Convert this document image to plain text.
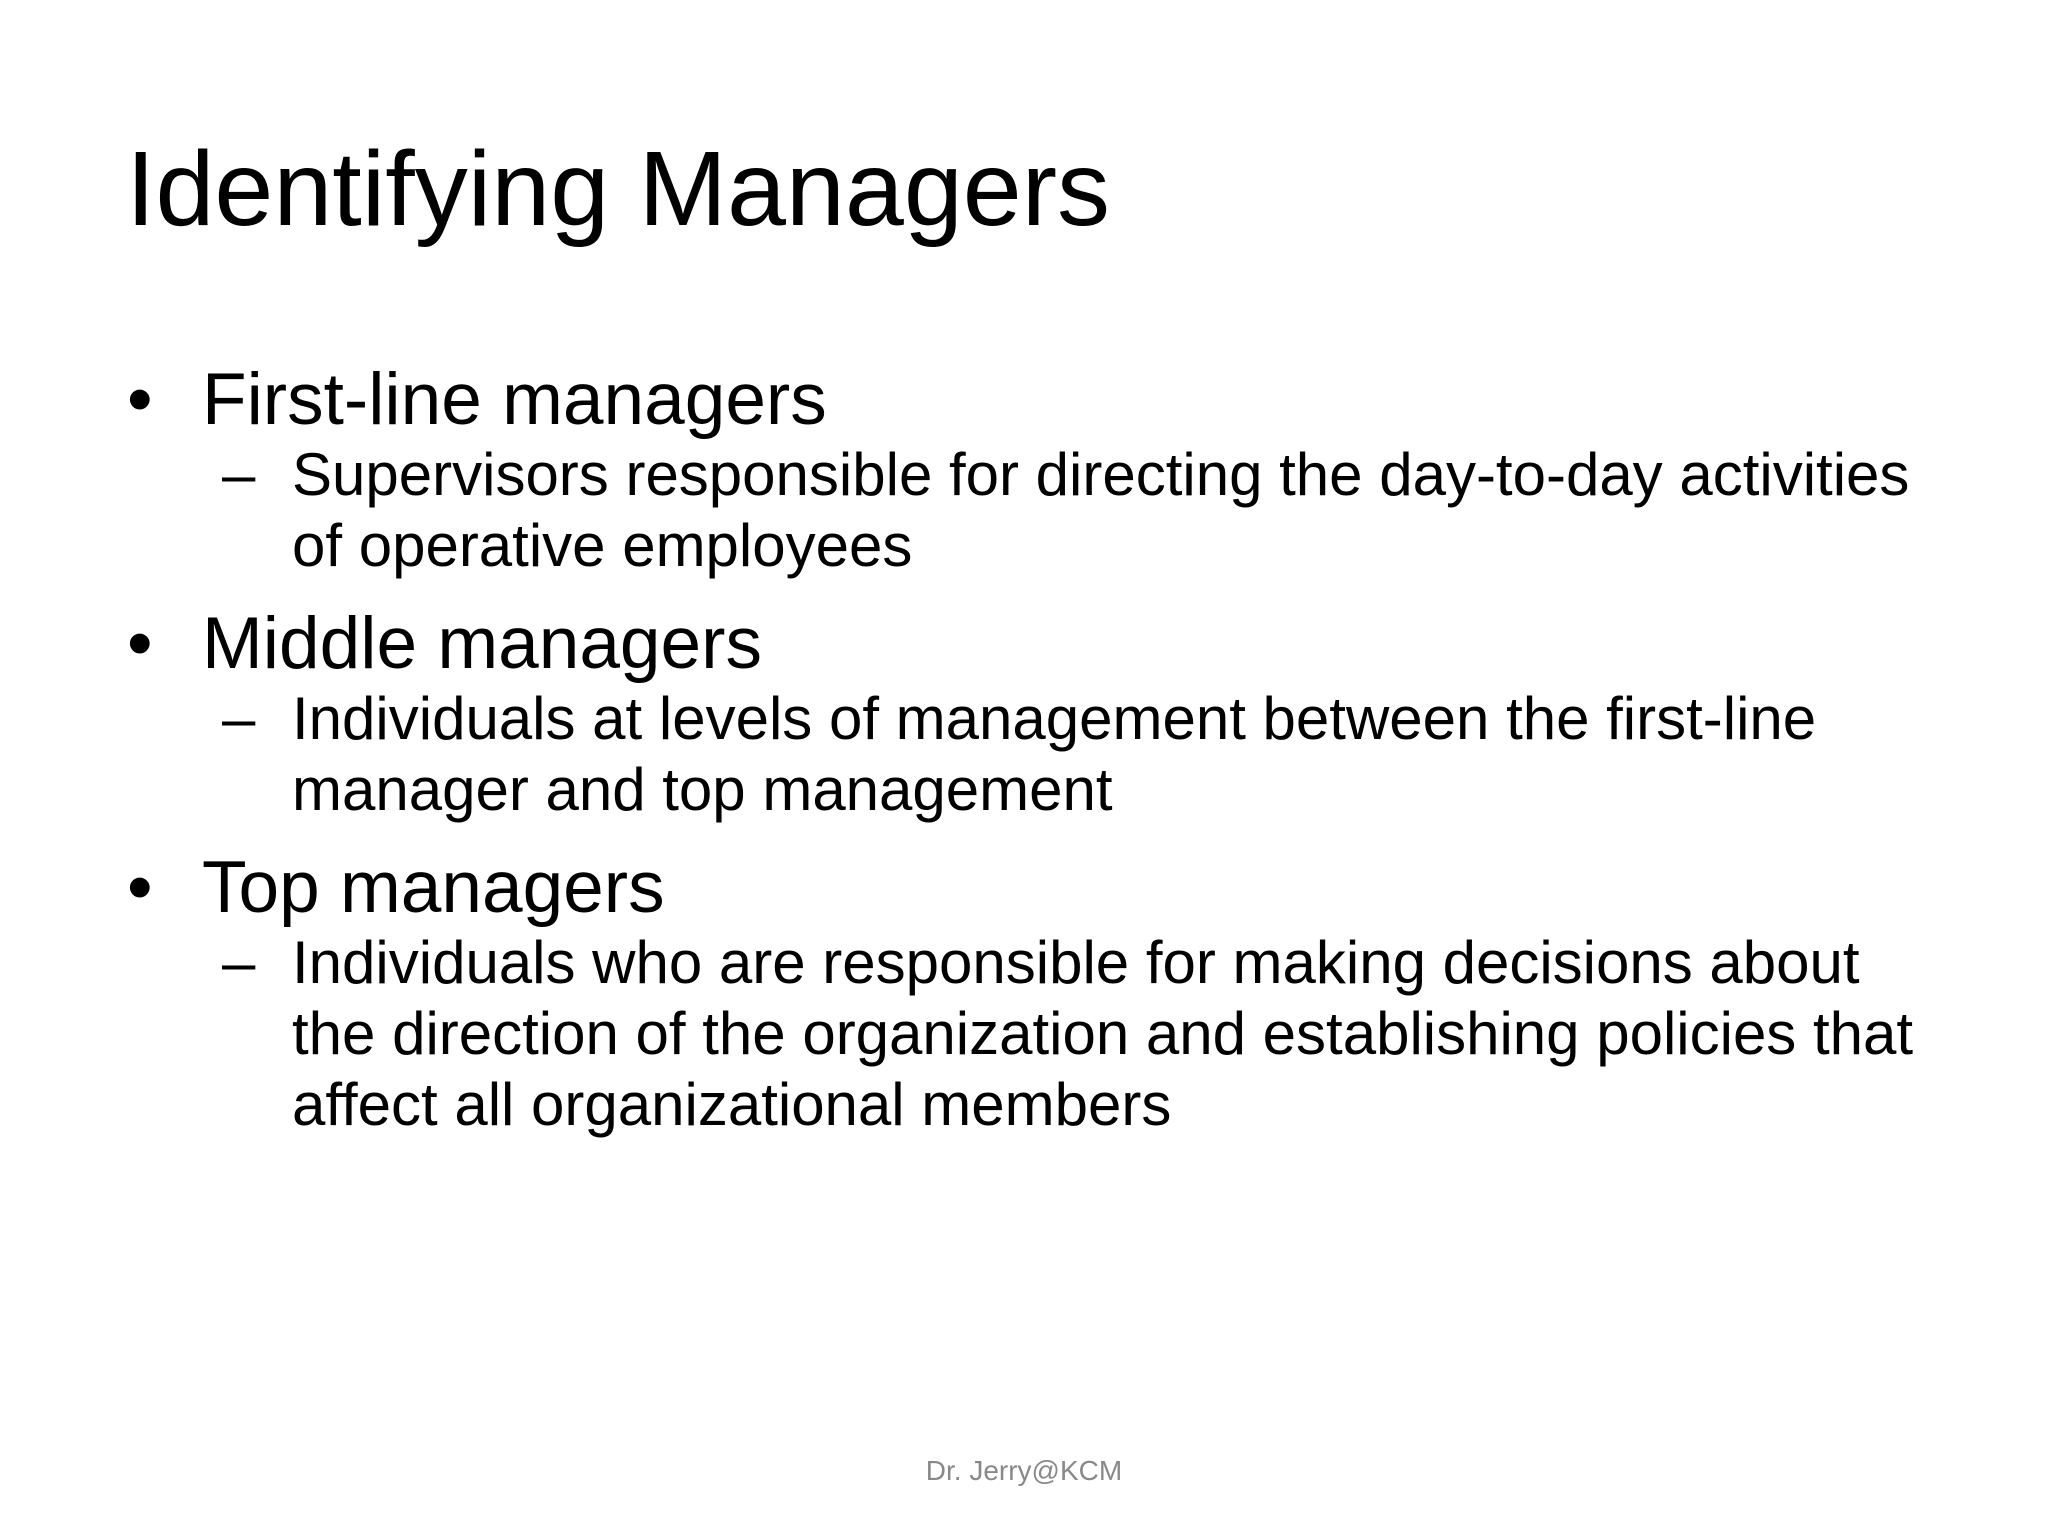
Identifying Managers
• First-line managers
– Supervisors responsible for directing the day-to-day activities of operative employees
• Middle managers
– Individuals at levels of management between the first-line manager and top management
• Top managers
– Individuals who are responsible for making decisions about the direction of the organization and establishing policies that affect all organizational members
Dr. Jerry@KCM
